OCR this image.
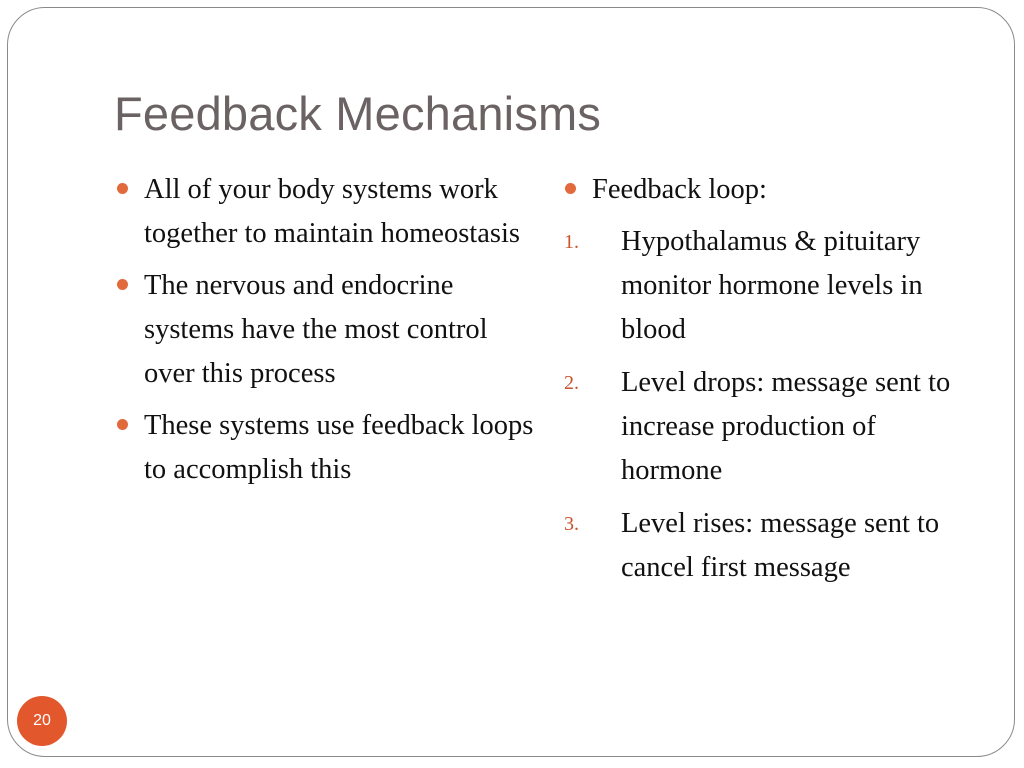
Feedback Mechanisms
All of your body systems work together to maintain homeostasis
The nervous and endocrine systems have the most control over this process
These systems use feedback loops to accomplish this
Feedback loop:
1. Hypothalamus & pituitary monitor hormone levels in blood
2. Level drops: message sent to increase production of hormone
3. Level rises: message sent to cancel first message
20
